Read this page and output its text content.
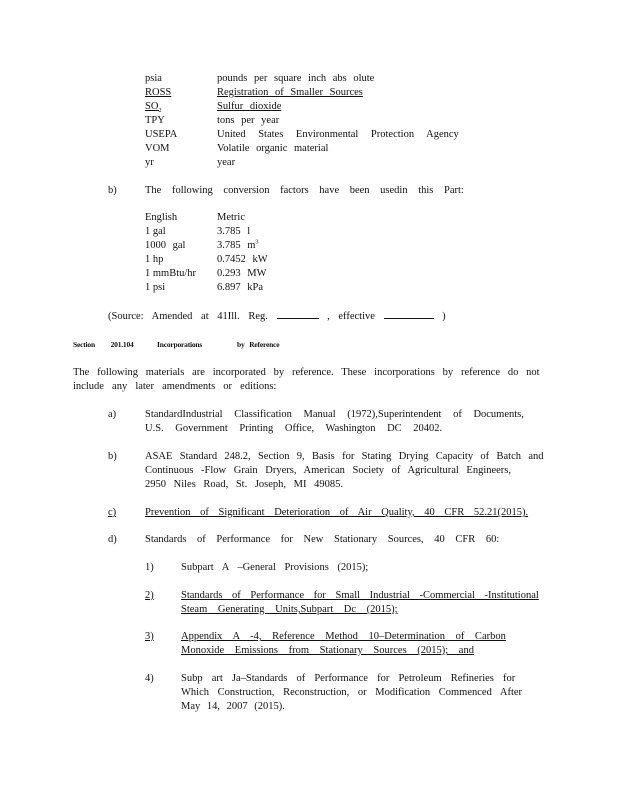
psia	pounds per square inch abs olute
ROSS	Registration of Smaller Sources
$SO_2$	Sulfur dioxide
TPY	tons per year
USEPA	United States Environmental Protection Agency
VOM	Volatile organic material
yr	year
b)	The following conversion factors have been usedin this Part:
English	Metric
1 gal	3.785 l
1000 gal	3.785 $m^3$
1 hp	0.7452 kW
1 mmBtu/hr 0.293 MW
1 psi	6.897 kPa
(Source: Amended at 41Ill. Reg.	, effective	)
Section 201.104	Incorporations	by Reference
The following materials are incorporated by reference. These incorporations by reference do not
include any later amendments or editions:
a)	StandardIndustrial Classification Manual (1972),Superintendent of Documents,
U.S. Government Printing Office, Washington DC 20402.
b)	ASAE Standard 248.2, Section 9, Basis for Stating Drying Capacity of Batch and
Continuous -Flow Grain Dryers, American Society of Agricultural Engineers,
2950 Niles Road, St. Joseph, MI 49085.
c)	Prevention of Significant Deterioration of Air Quality, 40 CFR 52.21(2015).
d)	Standards of Performance for New Stationary Sources, 40 CFR 60:
1)	Subpart A –General Provisions (2015);
2)	Standards of Performance for Small Industrial -Commercial -Institutional
Steam Generating Units,Subpart Dc (2015);
3)	Appendix A -4, Reference Method 10–Determination of Carbon
Monoxide Emissions from Stationary Sources (2015); and
4)	Subp art Ja–Standards of Performance for Petroleum Refineries for
Which Construction, Reconstruction, or Modification Commenced After
May 14, 2007 (2015).
